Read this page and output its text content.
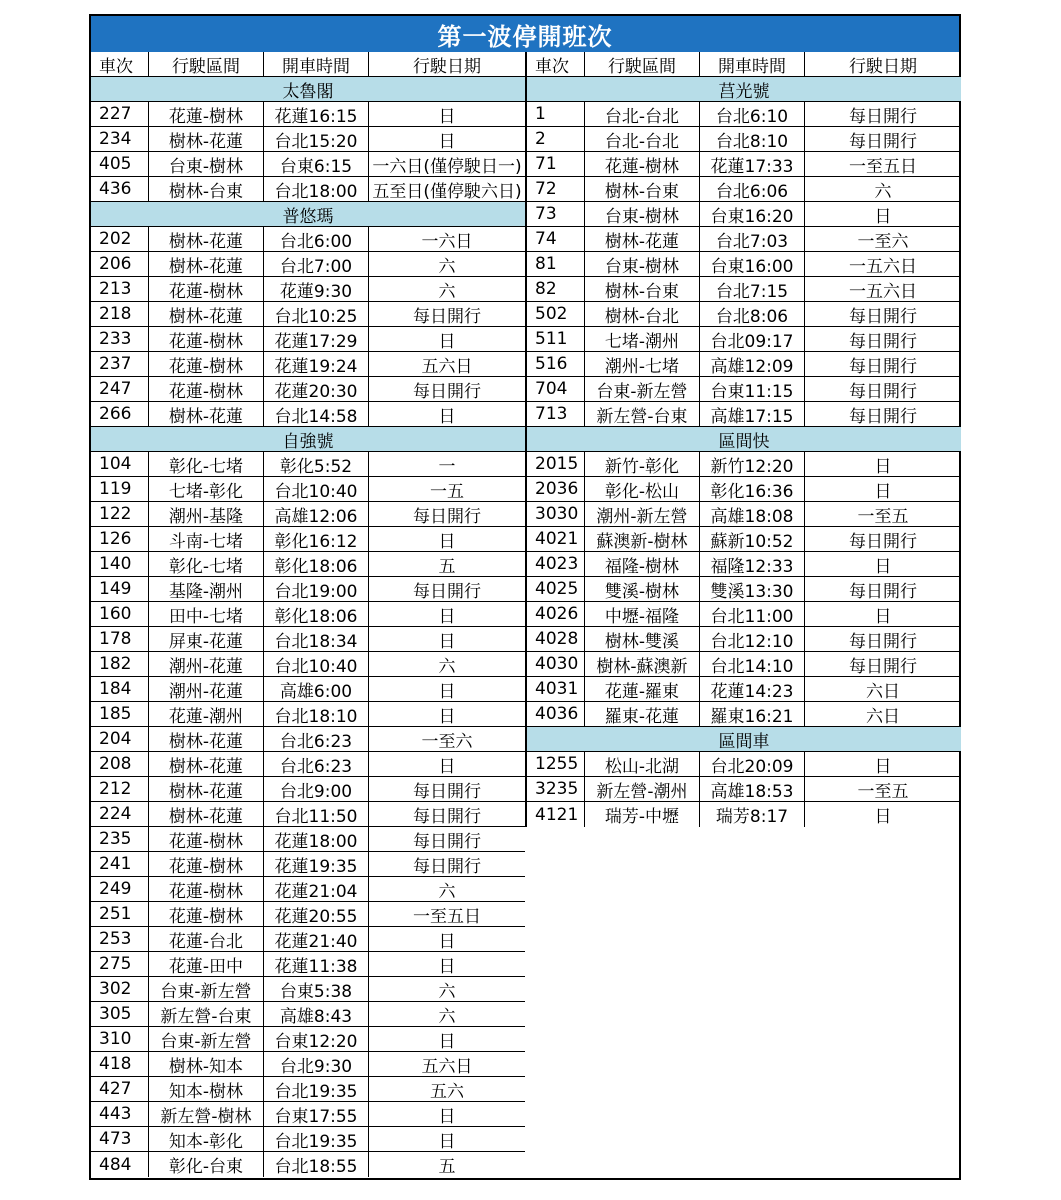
第一波停開班次
車次	行駛區間	開車時間	行駛日期
太魯閣
227	花蓮-樹林	花蓮16:15	日
234	樹林-花蓮	台北15:20	日
405	台東-樹林	台東6:15	一六日(僅停駛日一)
436	樹林-台東	台北18:00 五至日(僅停駛六日)
普悠瑪
202	樹林-花蓮	台北6:00	一六日
206	樹林-花蓮	台北7:00	六
213	花蓮-樹林	花蓮9:30	六
218	樹林-花蓮	台北10:25	每日開行
233	花蓮-樹林	花蓮17:29	日
237	花蓮-樹林	花蓮19:24	五六日
247	花蓮-樹林	花蓮20:30	每日開行
266	樹林-花蓮	台北14:58	日
自強號
104	彰化-七堵	彰化5:52	一
119	七堵-彰化	台北10:40	一五
122	潮州-基隆	高雄12:06	每日開行
126	斗南-七堵	彰化16:12	日
140	彰化-七堵	彰化18:06	五
149	基隆-潮州	台北19:00	每日開行
160	田中-七堵	彰化18:06	日
178	屏東-花蓮	台北18:34	日
182	潮州-花蓮	台北10:40	六
184	潮州-花蓮	高雄6:00	日
185	花蓮-潮州	台北18:10	日
204	樹林-花蓮	台北6:23	一至六
208	樹林-花蓮	台北6:23	日
212	樹林-花蓮	台北9:00	每日開行
224	樹林-花蓮	台北11:50	每日開行
235	花蓮-樹林	花蓮18:00	每日開行
241	花蓮-樹林	花蓮19:35	每日開行
249	花蓮-樹林	花蓮21:04	六
251	花蓮-樹林	花蓮20:55	一至五日
253	花蓮-台北	花蓮21:40	日
275	花蓮-田中	花蓮11:38	日
302	台東-新左營	台東5:38	六
305	新左營-台東	高雄8:43	六
310	台東-新左營	台東12:20	日
418	樹林-知本	台北9:30	五六日
427	知本-樹林	台北19:35	五六
443	新左營-樹林	台東17:55	日
473	知本-彰化	台北19:35	日
484	彰化-台東	台北18:55	五
車次	行駛區間	開車時間	行駛日期
莒光號
1	台北-台北	台北6:10	每日開行
2	台北-台北	台北8:10	每日開行
71	花蓮-樹林	花蓮17:33	一至五日
72	樹林-台東	台北6:06	六
73	台東-樹林	台東16:20	日
74	樹林-花蓮	台北7:03	一至六
81	台東-樹林	台東16:00	一五六日
82	樹林-台東	台北7:15	一五六日
502	樹林-台北	台北8:06	每日開行
511	七堵-潮州	台北09:17	每日開行
516	潮州-七堵	高雄12:09	每日開行
704	台東-新左營	台東11:15	每日開行
713	新左營-台東	高雄17:15	每日開行
區間快
2015	新竹-彰化	新竹12:20	日
2036	彰化-松山	彰化16:36	日
3030	潮州-新左營	高雄18:08	一至五
4021	蘇澳新-樹林	蘇新10:52	每日開行
4023	福隆-樹林	福隆12:33	日
4025	雙溪-樹林	雙溪13:30	每日開行
4026	中壢-福隆	台北11:00	日
4028	樹林-雙溪	台北12:10	每日開行
4030	樹林-蘇澳新	台北14:10	每日開行
4031	花蓮-羅東	花蓮14:23	六日
4036	羅東-花蓮	羅東16:21	六日
區間車
1255	松山-北湖	台北20:09	日
3235	新左營-潮州	高雄18:53	一至五
4121	瑞芳-中壢	瑞芳8:17	日
